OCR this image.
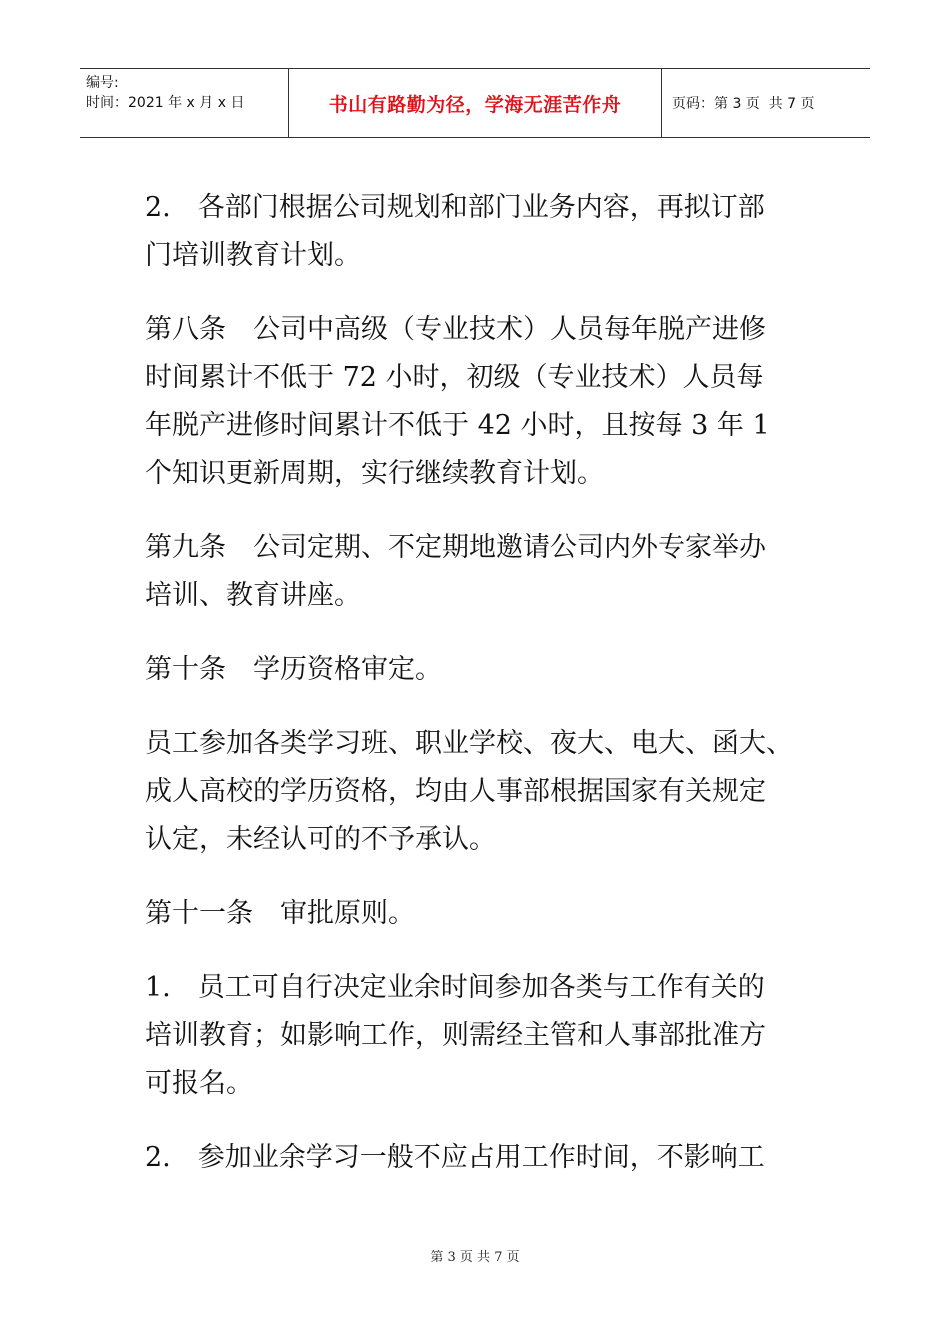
编号:
时间：2021 年 x 月 x 日	书山有路勤为径，学海无涯苦作舟	页码：第 3 页  共 7 页
2.　各部门根据公司规划和部门业务内容，再拟订部
门培训教育计划。
第八条　公司中高级（专业技术）人员每年脱产进修
时间累计不低于 72 小时，初级（专业技术）人员每
年脱产进修时间累计不低于 42 小时，且按每 3 年 1
个知识更新周期，实行继续教育计划。
第九条　公司定期、不定期地邀请公司内外专家举办
培训、教育讲座。
第十条　学历资格审定。
员工参加各类学习班、职业学校、夜大、电大、函大、
成人高校的学历资格，均由人事部根据国家有关规定
认定，未经认可的不予承认。
第十一条　审批原则。
1.　员工可自行决定业余时间参加各类与工作有关的
培训教育；如影响工作，则需经主管和人事部批准方
可报名。
2.　参加业余学习一般不应占用工作时间，不影响工
第 3 页 共 7 页
